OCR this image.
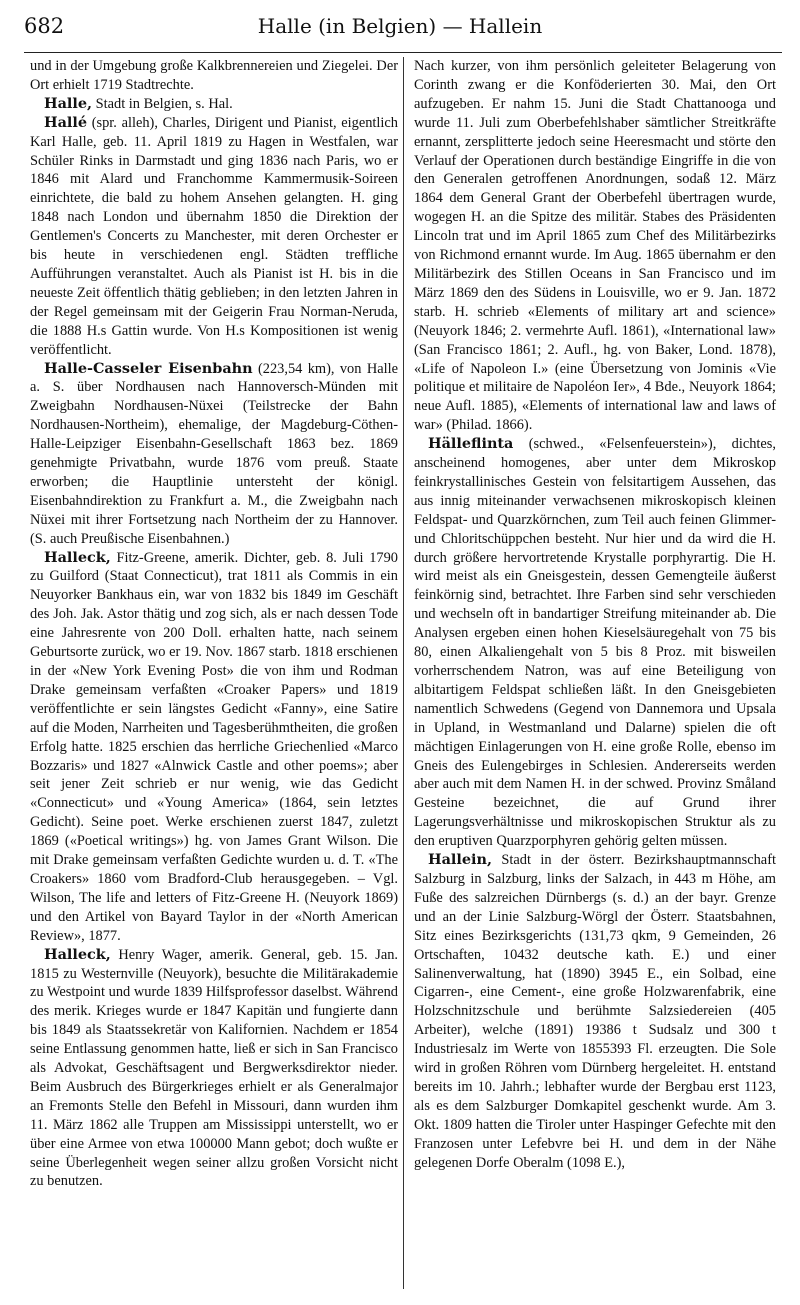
682	Halle (in Belgien) — Hallein

und in der Umgebung große Kalkbrennereien und Ziegelei. Der Ort erhielt 1719 Stadtrechte.

Halle, Stadt in Belgien, s. Hal.

Hallé (spr. alleh), Charles, Dirigent und Pianist, eigentlich Karl Halle, geb. 11. April 1819 zu Hagen in Westfalen, war Schüler Rinks in Darmstadt und ging 1836 nach Paris, wo er 1846 mit Alard und Franchomme Kammermusik-Soireen einrichtete, die bald zu hohem Ansehen gelangten. H. ging 1848 nach London und übernahm 1850 die Direktion der Gentlemen's Concerts zu Manchester, mit deren Orchester er bis heute in verschiedenen engl. Städten treffliche Aufführungen veranstaltet. Auch als Pianist ist H. bis in die neueste Zeit öffentlich thätig geblieben; in den letzten Jahren in der Regel gemeinsam mit der Geigerin Frau Norman-Neruda, die 1888 H.s Gattin wurde. Von H.s Kompositionen ist wenig veröffentlicht.

Halle-Casseler Eisenbahn (223,54 km), von Halle a. S. über Nordhausen nach Hannoversch-Münden mit Zweigbahn Nordhausen-Nüxei (Teilstrecke der Bahn Nordhausen-Northeim), ehemalige, der Magdeburg-Cöthen-Halle-Leipziger Eisenbahn-Gesellschaft 1863 bez. 1869 genehmigte Privatbahn, wurde 1876 vom preuß. Staate erworben; die Hauptlinie untersteht der königl. Eisenbahndirektion zu Frankfurt a. M., die Zweigbahn nach Nüxei mit ihrer Fortsetzung nach Northeim der zu Hannover. (S. auch Preußische Eisenbahnen.)

Halleck, Fitz-Greene, amerik. Dichter, geb. 8. Juli 1790 zu Guilford (Staat Connecticut), trat 1811 als Commis in ein Neuyorker Bankhaus ein, war von 1832 bis 1849 im Geschäft des Joh. Jak. Astor thätig und zog sich, als er nach dessen Tode eine Jahresrente von 200 Doll. erhalten hatte, nach seinem Geburtsorte zurück, wo er 19. Nov. 1867 starb. 1818 erschienen in der «New York Evening Post» die von ihm und Rodman Drake gemeinsam verfaßten «Croaker Papers» und 1819 veröffentlichte er sein längstes Gedicht «Fanny», eine Satire auf die Moden, Narrheiten und Tagesberühmtheiten, die großen Erfolg hatte. 1825 erschien das herrliche Griechenlied «Marco Bozzaris» und 1827 «Alnwick Castle and other poems»; aber seit jener Zeit schrieb er nur wenig, wie das Gedicht «Connecticut» und «Young America» (1864, sein letztes Gedicht). Seine poet. Werke erschienen zuerst 1847, zuletzt 1869 («Poetical writings») hg. von James Grant Wilson. Die mit Drake gemeinsam verfaßten Gedichte wurden u. d. T. «The Croakers» 1860 vom Bradford-Club herausgegeben. – Vgl. Wilson, The life and letters of Fitz-Greene H. (Neuyork 1869) und den Artikel von Bayard Taylor in der «North American Review», 1877.

Halleck, Henry Wager, amerik. General, geb. 15. Jan. 1815 zu Westernville (Neuyork), besuchte die Militärakademie zu Westpoint und wurde 1839 Hilfsprofessor daselbst. Während des merik. Krieges wurde er 1847 Kapitän und fungierte dann bis 1849 als Staatssekretär von Kalifornien. Nachdem er 1854 seine Entlassung genommen hatte, ließ er sich in San Francisco als Advokat, Geschäftsagent und Bergwerksdirektor nieder. Beim Ausbruch des Bürgerkrieges erhielt er als Generalmajor an Fremonts Stelle den Befehl in Missouri, dann wurden ihm 11. März 1862 alle Truppen am Mississippi unterstellt, wo er über eine Armee von etwa 100000 Mann gebot; doch wußte er seine Überlegenheit wegen seiner allzu großen Vorsicht nicht zu benutzen.

Nach kurzer, von ihm persönlich geleiteter Belagerung von Corinth zwang er die Konföderierten 30. Mai, den Ort aufzugeben. Er nahm 15. Juni die Stadt Chattanooga und wurde 11. Juli zum Oberbefehlshaber sämtlicher Streitkräfte ernannt, zersplitterte jedoch seine Heeresmacht und störte den Verlauf der Operationen durch beständige Eingriffe in die von den Generalen getroffenen Anordnungen, sodaß 12. März 1864 dem General Grant der Oberbefehl übertragen wurde, wogegen H. an die Spitze des militär. Stabes des Präsidenten Lincoln trat und im April 1865 zum Chef des Militärbezirks von Richmond ernannt wurde. Im Aug. 1865 übernahm er den Militärbezirk des Stillen Oceans in San Francisco und im März 1869 den des Südens in Louisville, wo er 9. Jan. 1872 starb. H. schrieb «Elements of military art and science» (Neuyork 1846; 2. vermehrte Aufl. 1861), «International law» (San Francisco 1861; 2. Aufl., hg. von Baker, Lond. 1878), «Life of Napoleon I.» (eine Übersetzung von Jominis «Vie politique et militaire de Napoléon Ier», 4 Bde., Neuyork 1864; neue Aufl. 1885), «Elements of international law and laws of war» (Philad. 1866).

Hälleflinta (schwed., «Felsenfeuerstein»), dichtes, anscheinend homogenes, aber unter dem Mikroskop feinkrystallinisches Gestein von felsitartigem Aussehen, das aus innig miteinander verwachsenen mikroskopisch kleinen Feldspat- und Quarzkörnchen, zum Teil auch feinen Glimmer- und Chloritschüppchen besteht. Nur hier und da wird die H. durch größere hervortretende Krystalle porphyrartig. Die H. wird meist als ein Gneisgestein, dessen Gemengteile äußerst feinkörnig sind, betrachtet. Ihre Farben sind sehr verschieden und wechseln oft in bandartiger Streifung miteinander ab. Die Analysen ergeben einen hohen Kieselsäuregehalt von 75 bis 80, einen Alkaliengehalt von 5 bis 8 Proz. mit bisweilen vorherrschendem Natron, was auf eine Beteiligung von albitartigem Feldspat schließen läßt. In den Gneisgebieten namentlich Schwedens (Gegend von Dannemora und Upsala in Upland, in Westmanland und Dalarne) spielen die oft mächtigen Einlagerungen von H. eine große Rolle, ebenso im Gneis des Eulengebirges in Schlesien. Andererseits werden aber auch mit dem Namen H. in der schwed. Provinz Småland Gesteine bezeichnet, die auf Grund ihrer Lagerungsverhältnisse und mikroskopischen Struktur als zu den eruptiven Quarzporphyren gehörig gelten müssen.

Hallein, Stadt in der österr. Bezirkshauptmannschaft Salzburg in Salzburg, links der Salzach, in 443 m Höhe, am Fuße des salzreichen Dürnbergs (s. d.) an der bayr. Grenze und an der Linie Salzburg-Wörgl der Österr. Staatsbahnen, Sitz eines Bezirksgerichts (131,73 qkm, 9 Gemeinden, 26 Ortschaften, 10432 deutsche kath. E.) und einer Salinenverwaltung, hat (1890) 3945 E., ein Solbad, eine Cigarren-, eine Cement-, eine große Holzwarenfabrik, eine Holzschnitzschule und berühmte Salzsiedereien (405 Arbeiter), welche (1891) 19386 t Sudsalz und 300 t Industriesalz im Werte von 1855393 Fl. erzeugten. Die Sole wird in großen Röhren vom Dürnberg hergeleitet. H. entstand bereits im 10. Jahrh.; lebhafter wurde der Bergbau erst 1123, als es dem Salzburger Domkapitel geschenkt wurde. Am 3. Okt. 1809 hatten die Tiroler unter Haspinger Gefechte mit den Franzosen unter Lefebvre bei H. und dem in der Nähe gelegenen Dorfe Oberalm (1098 E.),
